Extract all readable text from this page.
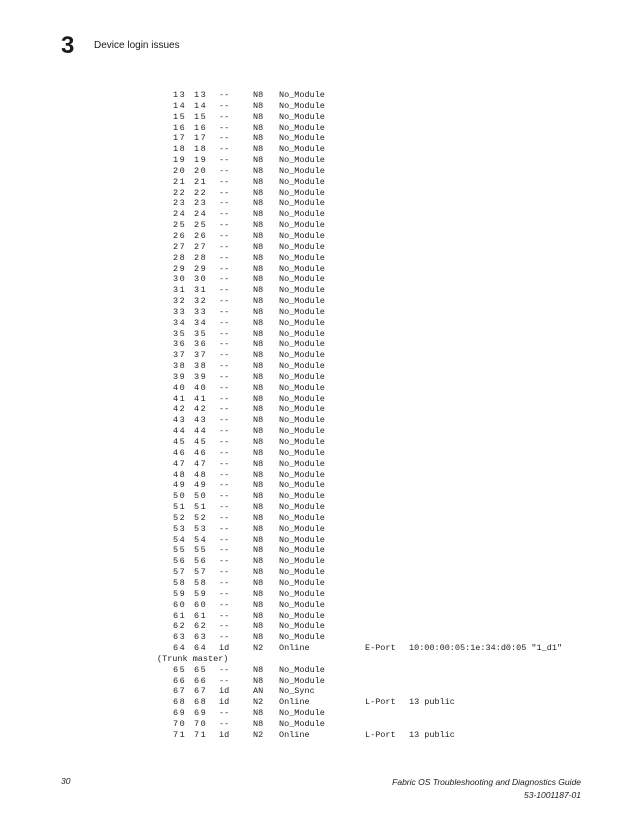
3 Device login issues
13 13 --	N8 No_Module
14 14 --	N8 No_Module
15 15 --	N8 No_Module
16 16 --	N8 No_Module
17 17 --	N8 No_Module
18 18 --	N8 No_Module
19 19 --	N8 No_Module
20 20 --	N8 No_Module
21 21 --	N8 No_Module
22 22 --	N8 No_Module
23 23 --	N8 No_Module
24 24 --	N8 No_Module
25 25 --	N8 No_Module
26 26 --	N8 No_Module
27 27 --	N8 No_Module
28 28 --	N8 No_Module
29 29 --	N8 No_Module
30 30 --	N8 No_Module
31 31 --	N8 No_Module
32 32 --	N8 No_Module
33 33 --	N8 No_Module
34 34 --	N8 No_Module
35 35 --	N8 No_Module
36 36 --	N8 No_Module
37 37 --	N8 No_Module
38 38 --	N8 No_Module
39 39 --	N8 No_Module
40 40 --	N8 No_Module
41 41 --	N8 No_Module
42 42 --	N8 No_Module
43 43 --	N8 No_Module
44 44 --	N8 No_Module
45 45 --	N8 No_Module
46 46 --	N8 No_Module
47 47 --	N8 No_Module
48 48 --	N8 No_Module
49 49 --	N8 No_Module
50 50 --	N8 No_Module
51 51 --	N8 No_Module
52 52 --	N8 No_Module
53 53 --	N8 No_Module
54 54 --	N8 No_Module
55 55 --	N8 No_Module
56 56 --	N8 No_Module
57 57 --	N8 No_Module
58 58 --	N8 No_Module
59 59 --	N8 No_Module
60 60 --	N8 No_Module
61 61 --	N8 No_Module
62 62 --	N8 No_Module
63 63 --	N8 No_Module
64 64 id	N2 Online	E-Port 10:00:00:05:1e:34:d0:05 "1_d1"
(Trunk master)
65 65 --	N8 No_Module
66 66 --	N8 No_Module
67 67 id	AN No_Sync
68 68 id	N2 Online	L-Port 13 public
69 69 --	N8 No_Module
70 70 --	N8 No_Module
71 71 id	N2 Online	L-Port 13 public
30	Fabric OS Troubleshooting and Diagnostics Guide
53-1001187-01
